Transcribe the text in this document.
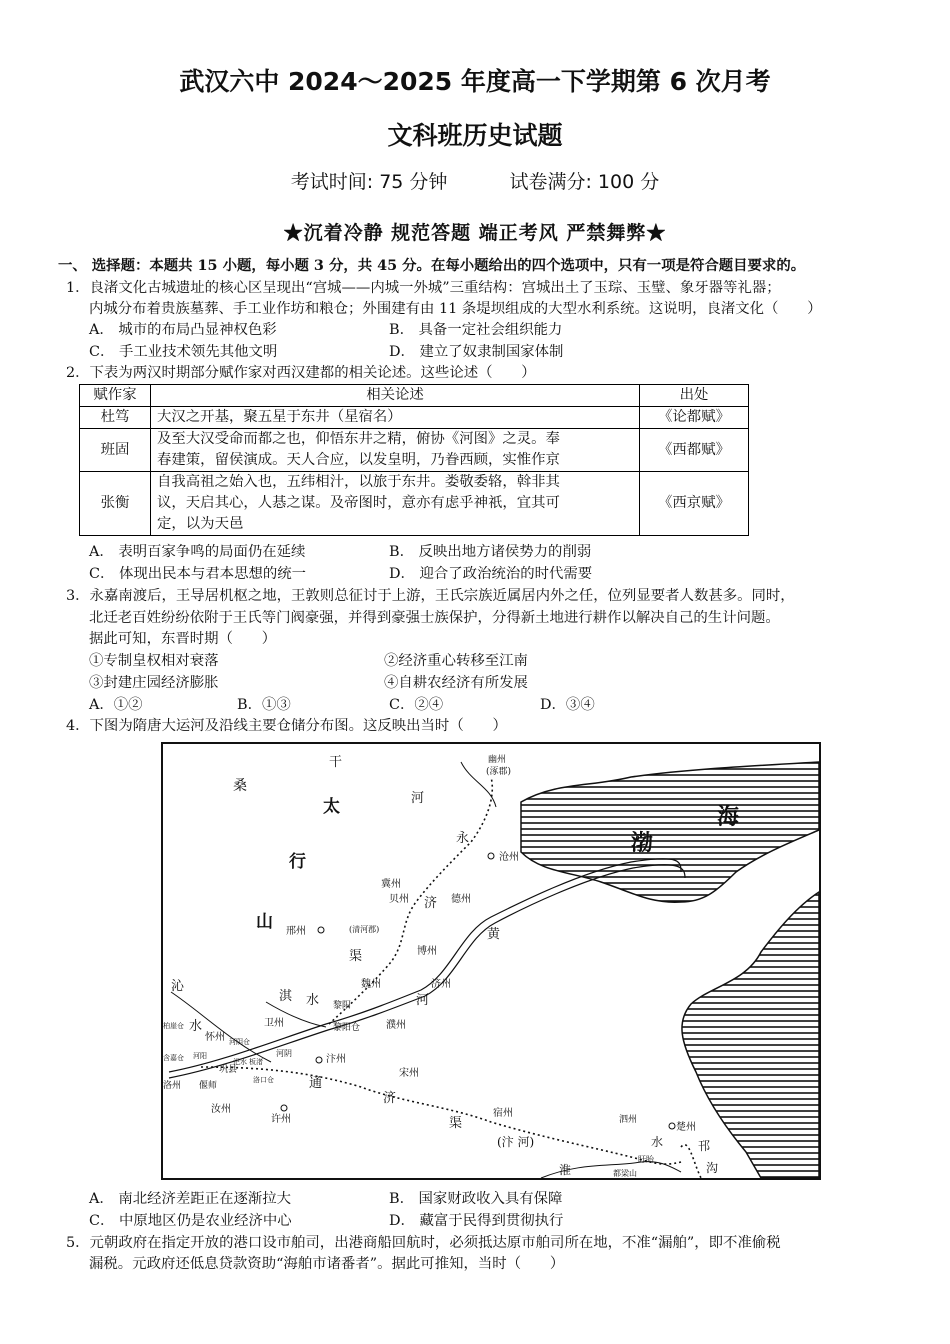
武汉六中 2024～2025 年度高一下学期第 6 次月考
文科班历史试题
考试时间: 75 分钟	试卷满分: 100 分
★沉着冷静 规范答题 端正考风 严禁舞弊★
一、 选择题：本题共 15 小题，每小题 3 分，共 45 分。在每小题给出的四个选项中，只有一项是符合题目要求的。
1．良渚文化古城遗址的核心区呈现出“宫城——内城一外城”三重结构：宫城出土了玉琮、玉璧、象牙器等礼器；
内城分布着贵族墓葬、手工业作坊和粮仓；外围建有由 11 条堤坝组成的大型水利系统。这说明，良渚文化（　　）
A． 城市的布局凸显神权色彩	B． 具备一定社会组织能力
C． 手工业技术领先其他文明	D． 建立了奴隶制国家体制
2．下表为两汉时期部分赋作家对西汉建都的相关论述。这些论述（　　）
赋作家	相关论述	出处
杜笃	大汉之开基，聚五星于东井（星宿名）	《论都赋》
班固	及至大汉受命而都之也，仰悟东井之精，俯协《河图》之灵。奉
春建策，留侯演成。天人合应，以发皇明，乃眷西顾，实惟作京	《西都赋》
张衡	自我高祖之始入也，五纬相汁，以旅于东井。娄敬委辂，斡非其
议，天启其心，人惎之谋。及帝图时，意亦有虑乎神祇，宜其可
定，以为天邑	《西京赋》
A． 表明百家争鸣的局面仍在延续	B． 反映出地方诸侯势力的削弱
C． 体现出民本与君本思想的统一	D． 迎合了政治统治的时代需要
3．永嘉南渡后，王导居机枢之地，王敦则总征讨于上游，王氏宗族近属居内外之任，位列显要者人数甚多。同时，
北迁老百姓纷纷依附于王氏等门阀豪强，并得到豪强士族保护，分得新土地进行耕作以解决自己的生计问题。
据此可知，东晋时期（　　）
①专制皇权相对衰落	②经济重心转移至江南
③封建庄园经济膨胀	④自耕农经济有所发展
A．①②	B．①③	C．②④	D．③④
4．下图为隋唐大运河及沿线主要仓储分布图。这反映出当时（　　）
桑
干
河
幽州
(涿郡)
太
行
山
渤
海
永
沧州
冀州
贝州
(清河郡)
济 德州
邢州	黄
博州
渠
魏州	济州
河
沁
淇 水 黎阳
黎阳仓
卫州	濮州
水
怀州 河阴仓
柏崖仓
含嘉仓 河阳	河阴
洛口仓
汴州
通
宋州
洛州 偃师
巩县
汜水 板渚
汝州
许州
济
渠
宿州
(汴 河)
泗州
水
楚州
邗
沟
盱眙
淮	都梁山
A． 南北经济差距正在逐渐拉大	B． 国家财政收入具有保障
C． 中原地区仍是农业经济中心	D． 藏富于民得到贯彻执行
5．元朝政府在指定开放的港口设市舶司，出港商船回航时，必须抵达原市舶司所在地，不准“漏舶”，即不准偷税
漏税。元政府还低息贷款资助“海舶市诸番者”。据此可推知，当时（　　）
